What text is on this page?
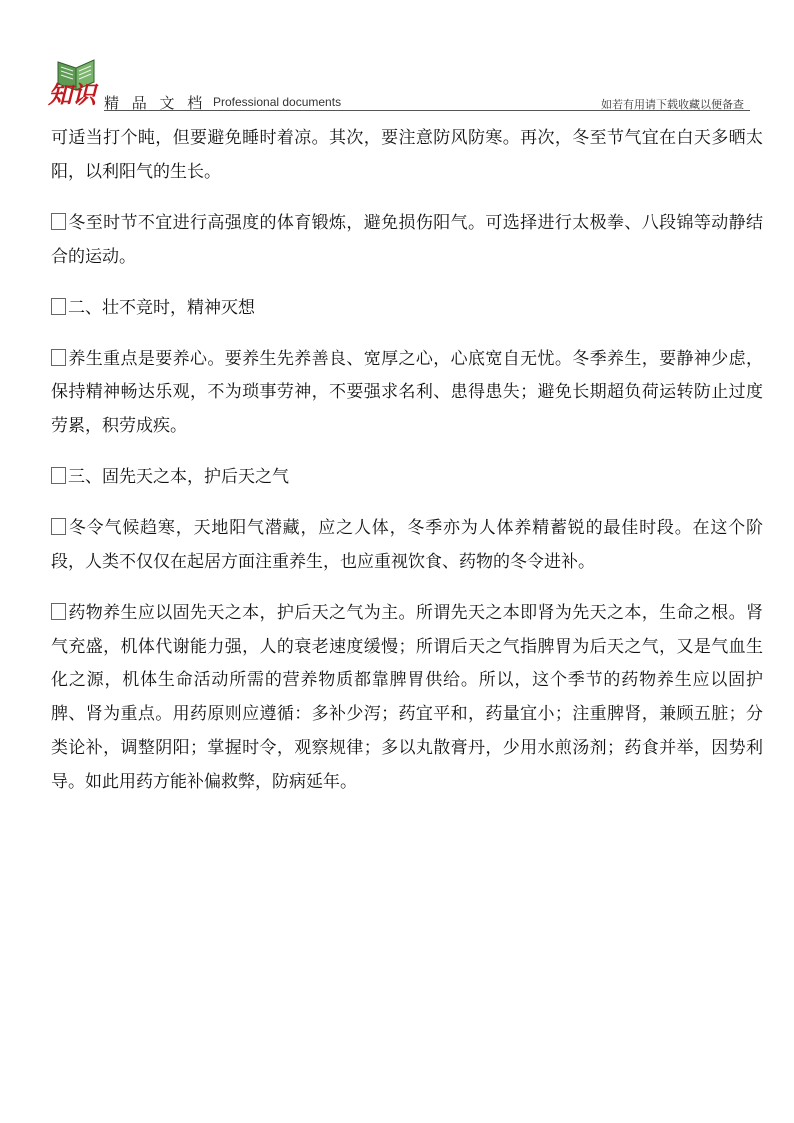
知识 精 品 文 档 Professional documents	如若有用请下载收藏以便备查

可适当打个盹，但要避免睡时着凉。其次，要注意防风防寒。再次，冬至节气宜在白天多晒太阳，以利阳气的生长。

冬至时节不宜进行高强度的体育锻炼，避免损伤阳气。可选择进行太极拳、八段锦等动静结合的运动。

二、壮不竞时，精神灭想

养生重点是要养心。要养生先养善良、宽厚之心，心底宽自无忧。冬季养生，要静神少虑，保持精神畅达乐观，不为琐事劳神，不要强求名利、患得患失；避免长期超负荷运转防止过度劳累，积劳成疾。

三、固先天之本，护后天之气

冬令气候趋寒，天地阳气潜藏，应之人体，冬季亦为人体养精蓄锐的最佳时段。在这个阶段，人类不仅仅在起居方面注重养生，也应重视饮食、药物的冬令进补。

药物养生应以固先天之本，护后天之气为主。所谓先天之本即肾为先天之本，生命之根。肾气充盛，机体代谢能力强，人的衰老速度缓慢；所谓后天之气指脾胃为后天之气，又是气血生化之源，机体生命活动所需的营养物质都靠脾胃供给。所以，这个季节的药物养生应以固护脾、肾为重点。用药原则应遵循：多补少泻；药宜平和，药量宜小；注重脾肾，兼顾五脏；分类论补，调整阴阳；掌握时令，观察规律；多以丸散膏丹，少用水煎汤剂；药食并举，因势利导。如此用药方能补偏救弊，防病延年。
